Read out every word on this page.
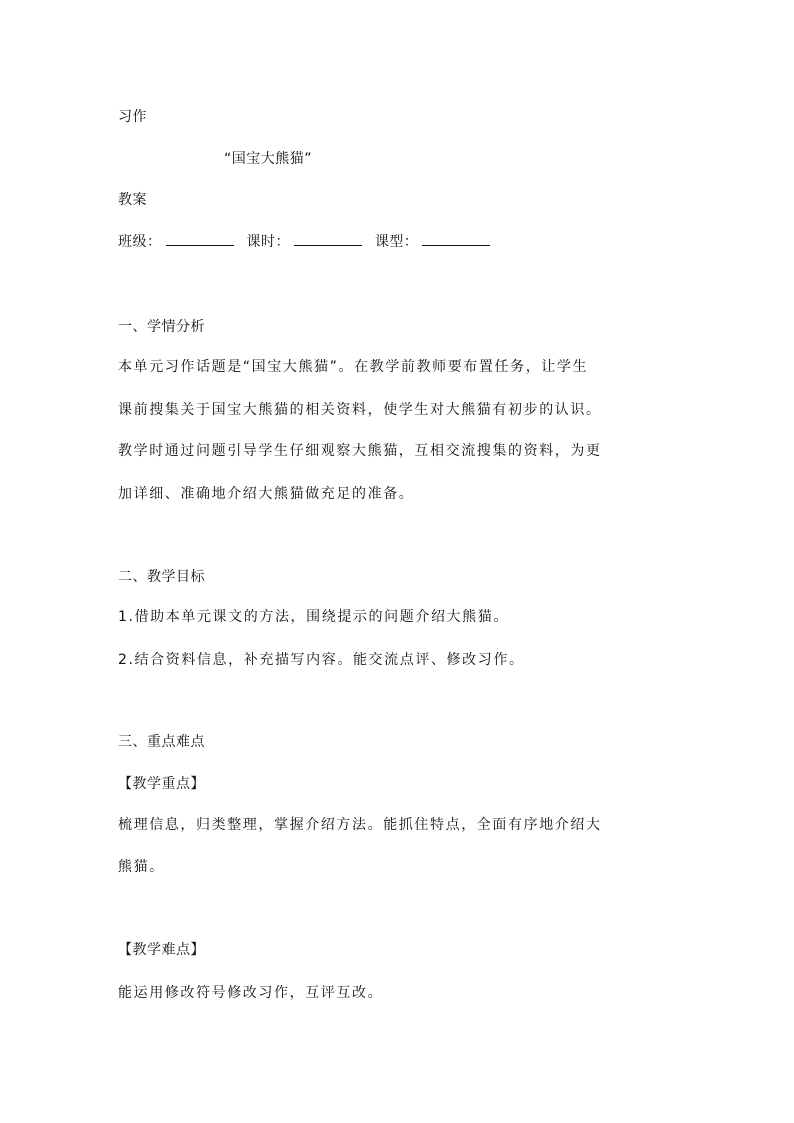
习作
“国宝大熊猫”
教案
班级：	课时：	课型：
一、学情分析
本单元习作话题是“国宝大熊猫”。在教学前教师要布置任务，让学生
课前搜集关于国宝大熊猫的相关资料，使学生对大熊猫有初步的认识。
教学时通过问题引导学生仔细观察大熊猫，互相交流搜集的资料，为更
加详细、准确地介绍大熊猫做充足的准备。
二、教学目标
1.借助本单元课文的方法，围绕提示的问题介绍大熊猫。
2.结合资料信息，补充描写内容。能交流点评、修改习作。
三、重点难点
【教学重点】
梳理信息，归类整理，掌握介绍方法。能抓住特点，全面有序地介绍大
熊猫。
【教学难点】
能运用修改符号修改习作，互评互改。
